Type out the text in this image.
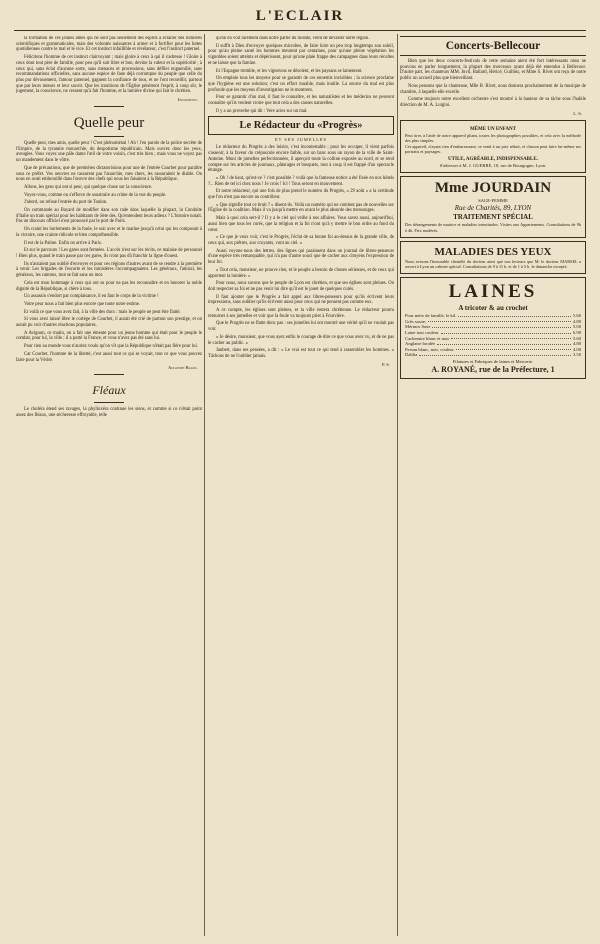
L'ECLAIR

la formation de ces jeunes âmes qui ne sont pas seulement des esprits à éclairer des lumières scientifiques et grammaticales, mais des volontés naissantes à armer et à fortifier pour les luttes quotidiennes contre le mal et le vice. Et cet instinct infaillible et révélateur, c'est l'instinct paternel.

Félicitons l'homme de cet instinct clairvoyant ; mais gloire à ceux à qui il s'adresse ! Gloire à ceux dont tout père de famille, pour peu qu'il soit libre et bon, devine la valeur et la supériorité ; à ceux qui, sans éclat d'aucune sorte, sans menaces et processions, sans défiler enguenille, sans recommandations officielles, sans aucune espèce de fane déjà corrompue du peuple que celle du plus pur dévouement, l'amour paternel, gagnent la confiance de tous, et ne l'ont recueillir, partout que par leurs mœurs et leur savoir. Que les intuitions de l'Église pénètrent l'esprit, à coup sûr, le jugement, la conscience, ne cessent qu'à fait l'homme, et la lumière divine qui fait le chrétien.

Incognitus.
Quelle peur

Quelle peur, mes amis, quelle peur ! C'est phénoménal ! Ah ! l'en parole de la police secrète de l'Empire, de la tyrannie monarchie, du despotisme républicain. Mais ouvrez donc les yeux, aveugles. Vous voyez une pâle dame l'œil de votre voisin, c'est très bien ; mais vous ne voyez pas un mandement dans le vôtre.

Que de précautions, que de premières dictatorisions pour une de l'entrée Courbet pour paraître sous ce préfet. Vos oeuvres ne rassurent pas l'anarchie, mes chers, les rassuraient le diable. On nous en avait embrouillé dans l'œuvre des chefs qui nous les faisaient à la République.

Allons, les gens qui ont si peur, qui quelque chose sur la conscience.

Voyez-vous, comme on s'efforce de soustraire au crime de la vue du peuple.

J'abord, on refuse l'entrée du port de Toulon.

On commande au Bayard de modifier dans son rade dans laquelle la plupart, la Conduite d'Italie un train spécial pour les habitants de Sète des. Qu'entendent leurs adieux ? L'histoire notait. Pas un discours officiel n'est prononcé par le port de Paris.

On craint les hurlements de la foule, le soir avec et le marine jusqu'à celui qui les composait à la victoire, une crainte ridicule et bien compréhensible.

Il est de la Palme. Enfin on arrive à Paris.

Et sur le parcours ! Les gares sont fermées. L'accès n'est sur les récits, ce malaise de personnel ! Bien plus, quand le train passe par ces gares, ils n'ont pas dû franchir la ligne d'ouest.

Ils n'auraient pas oublié d'envoyer et pour ces régions d'autres avant de se rendre à la première à venir. Les brigades de l'escorte et les ministères l'accompagnaient. Les généraux, l'amiral, les généraux, les cantons, tout se fait sans un mot.

Cela est mon hommage à ceux qui ont su pour ne pas les reconnaître et en honorer la noble dignité de la République, si chère à tous.

Un assassin s'endort par complaisance, il en faut le corps de la victime !

Votre peur nous a fait bien plus encore que toute notre estime.

Et voilà ce que vous avez fait, à la ville des ducs : mais le peuple ne peut être flatté.

Si vous avez laissé libre le cortège de Courbet, il aurait été crié de partout son prestige, et on aurait pu voir d'autres réactions populaires.

A Avignon, ce matin, on a fait une émeute pour un jeune homme qui était pour le peuple le combat, pour lui, la ville ; il a porté la France, et vous n'avez pas été sans lui.

Pour rien au monde vous n'auriez voulu qu'on vît que la République n'était pas fière pour lui.

Car Courbet, l'homme de la liberté, c'est aussi tout ce qui se voyait, tout ce que vous pouvez faire pour la Vérité.

Augustin Blanc.
Fléaux

Le choléra étend ses ravages, la phylloxéra continue les siens, et comme si ce n'était point assez des fléaux, une sécheresse effroyable, telle

qu'on en voit rarement dans notre partie du monde, vient de dévaster notre région.

Il suffit à Dieu d'envoyer quelques microbes, de faire luire un peu trop longtemps son soleil, pour qu'au pleine santé les hommes meurent par centaines, pour qu'une pleine végétation les vignobles soient atteints et dépérissent, pour qu'une plaie frappe des campagnes dans leurs récoltes et ne laisse que la famine.

Et l'Espagne tremble, et les vignerons se désolent, et les paysans se lamentent.

On emploie tous les moyens pour se garantir de ces ennemis invisibles ; la science proclame que l'hygiène est une solution; c'est un effort louable, mais inutile. La source du mal est plus profonde que les moyens d'investigation ne le montrent.

Pour se garantir d'un mal, il faut le connaître, et les naturalistes et les médecins ne peuvent connaître qu'ils veulent croire que tout cela a des causes naturelles.

Il y a un proverbe qui dit : Vere acies sur un mal.

Le Rédacteur du «Progrès»
ET SES JUMELLES

Le rédacteur du Progrès a des loisirs, c'est incontestable ; pour les occuper, il vient parfois s'asseoir, à la faveur du crépuscule encore faible, sur un banc sous un rayon de la ville de Saint-Antoine. Muni de jumelles perfectionnées, il aperçoit toute la colline exposée au nord, et se rend compte sur les articles de journaux, pâturages et bosquets, tout à coup il est frappé d'un spectacle étrange.

« Oh ! de haut, qu'est-ce ? c'est possible ? voilà que la fameuse notice a été fixée en nos hôtels ?... Rien de tel ici chez nous ! Je crois ! Ici ! Tous seront en mouvement.

Et notre rédacteur, qui une fois de plus prend le numéro du Progrès, « 29 août » a la certitude que l'on n'est pas encore au contrôleur.

« Que signifie tout ce bruit ? » disent-ils. Voilà un numéro qui ne contient pas de nouvelles sur l'Église de la coalition. Mais il va jusqu'à mettre en avant le plus absurde des mensonges.

Mais à quoi cela sert-il ? Il y a le ciel qui veille à nos affaires. Vous savez aussi, aujourd'hui, aussi bien que tous les curés, que la religion et la foi n'ont qu'à y mettre le bon ordre au fond du cœur.

« Ce que je veux voir, c'est le Progrès, l'éclat de sa bonne foi au-dessus de la grande ville, de ceux qui, aux prêtres, aux croyants, vont au ciel. »

Aussi voyons-nous des lettres, des lignes qui paraissent dans un journal de libres-penseurs d'une espèce très remarquable, qui n'a pas d'autre souci que de cacher aux citoyens l'expression de leur foi.

« Tout cela, monsieur, ne prouve rien, et le peuple a besoin de choses sérieuses, et de ceux qui apportent la lumière. »

Pour nous, nous savons que le peuple de Lyon est chrétien, et que ses églises sont pleines. On doit respecter sa foi et ne pas venir lui dire qu'il est le jouet de quelques curés.

Il faut ajouter que le Progrès a fait appel aux libres-penseurs pour qu'ils écrivent leurs impressions, sans oublier qu'ils écrivent aussi pour ceux qui ne pensent pas comme eux.

A ce compte, les églises sont pleines, et la ville restera chrétienne. Le rédacteur pourra retourner à ses jumelles et voir que la foule va toujours prier à Fourvière.

Que le Progrès ne se flatte donc pas : ses jumelles lui ont montré une vérité qu'il ne voulait pas voir.

« Je désire, monsieur, que vous ayez enfin le courage de dire ce que vous avez vu, et de ne pas le cacher au public. »

Jaubert, dans ses pensées, a dit : « Le vrai est tout ce qui tend à rassembler les hommes. » Tâchons de ne l'oublier jamais.

P. S.
Concerts-Bellecour

Bien que les deux concerts-festivals de cette semaine aient été fort intéressants nous ne pouvons en parler longuement, la plupart des morceaux ayant déjà été entendus à Bellecour. D'autre part, les chanteurs MM. Juvil, Ballard, Héricé, Guilliez, et Mme S. Rivet ont reçu de notre public un accueil plus que bienveillant.

Nous pensons que la chanteuse, Mlle B. Rivet, nous donnera prochainement de la musique de chambre, à laquelle elle excelle.

Comme toujours notre excellent orchestre s'est montré à la hauteur de sa tâche sous l'habile direction de M. A. Luigini.

L. S.
MÊME UN ENFANT

Peut tirer, à l'aide de notre appareil pliant, toutes les photographies possibles, et cela avec la méthode des plus simples.

Cet appareil, n'ayant rien d'embarrassant, se vend à un prix réduit, et chacun peut faire lui-même ses portraits et paysages.

UTILE, AGRÉABLE, INDISPENSABLE.

S'adresser à M. J. GUERRE, 10, rue de Bourgogne, Lyon.

Mme JOURDAIN

SAGE-FEMME

Rue de Charités, 89, LYON

TRAITEMENT SPÉCIAL

Des dérangements de matrice et maladies intestinales. Visites aux Appartements. Consultations de 9h à 4h. Prix modérés.

MALADIES DES YEUX

Nous avisons l'honorable clientèle du docteur ainsi que nos lecteurs que M. le docteur MARSEL a ouvert à Lyon un cabinet spécial. Consultations de 9 à 11 h. et de 1 à 5 h. le dimanche excepté.

LAINES

A tricoter & au crochet

Pour mère de famille, le kil.	5.60
Grès saxon	4.80
Mérinos Saxe	5.00
Laine tout couleur	6.90
Cachemire blanc et noir	5.60
Anglaise brodée	4.80
Persan blanc, noir, couleur	4.00
Dahlia	3.50

Filatures et Fabriques de laines et Mercerie.

A. ROYANÉ, rue de la Préfecture, 1
